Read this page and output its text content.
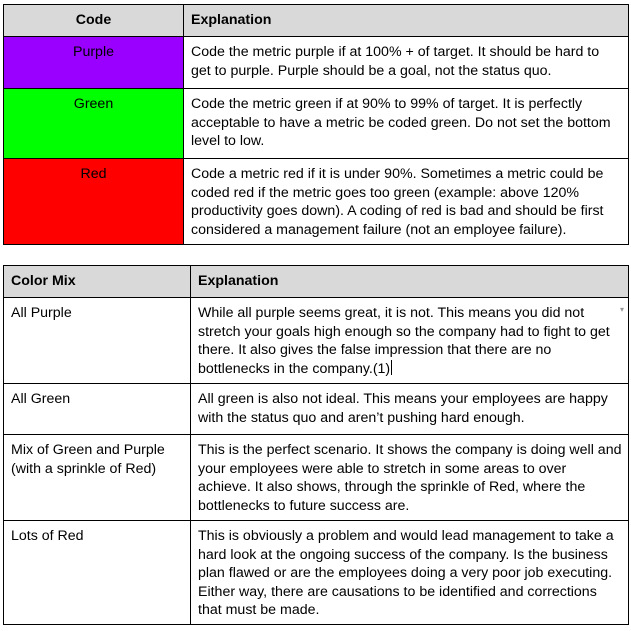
Code	Explanation
Purple	Code the metric purple if at 100% + of target. It should be hard to get to purple. Purple should be a goal, not the status quo.
Green	Code the metric green if at 90% to 99% of target. It is perfectly acceptable to have a metric be coded green. Do not set the bottom level to low.
Red	Code a metric red if it is under 90%. Sometimes a metric could be coded red if the metric goes too green (example: above 120% productivity goes down). A coding of red is bad and should be first considered a management failure (not an employee failure).
Color Mix	Explanation
All Purple	While all purple seems great, it is not. This means you did not stretch your goals high enough so the company had to fight to get there. It also gives the false impression that there are no bottlenecks in the company.(1)
All Green	All green is also not ideal. This means your employees are happy with the status quo and aren’t pushing hard enough.
Mix of Green and Purple (with a sprinkle of Red)	This is the perfect scenario. It shows the company is doing well and your employees were able to stretch in some areas to over achieve. It also shows, through the sprinkle of Red, where the bottlenecks to future success are.
Lots of Red	This is obviously a problem and would lead management to take a hard look at the ongoing success of the company. Is the business plan flawed or are the employees doing a very poor job executing. Either way, there are causations to be identified and corrections that must be made.
▾
